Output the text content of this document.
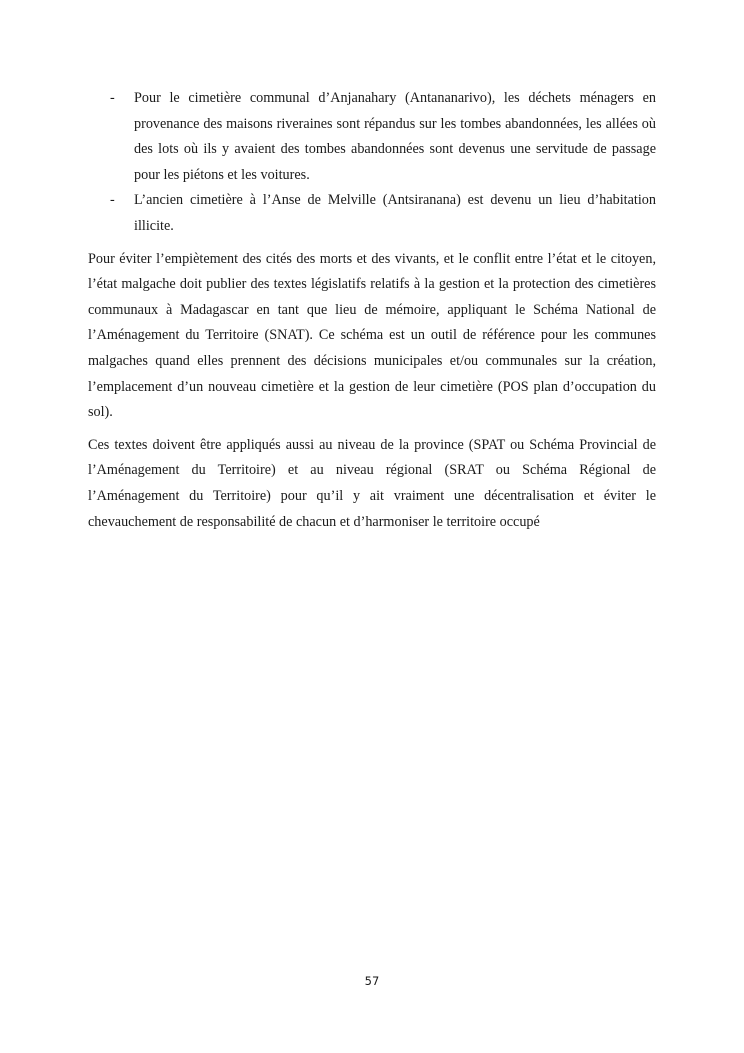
- Pour le cimetière communal d’Anjanahary (Antananarivo), les déchets ménagers en provenance des maisons riveraines sont répandus sur les tombes abandonnées, les allées où des lots où ils y avaient des tombes abandonnées sont devenus une servitude de passage pour les piétons et les voitures.
- L’ancien cimetière à l’Anse de Melville (Antsiranana) est devenu un lieu d’habitation illicite.

Pour éviter l’empiètement des cités des morts et des vivants, et le conflit entre l’état et le citoyen, l’état malgache doit publier des textes législatifs relatifs à la gestion et la protection des cimetières communaux à Madagascar en tant que lieu de mémoire, appliquant le Schéma National de l’Aménagement du Territoire (SNAT). Ce schéma est un outil de référence pour les communes malgaches quand elles prennent des décisions municipales et/ou communales sur la création, l’emplacement d’un nouveau cimetière et la gestion de leur cimetière (POS plan d’occupation du sol).

Ces textes doivent être appliqués aussi au niveau de la province (SPAT ou Schéma Provincial de l’Aménagement du Territoire) et au niveau régional (SRAT ou Schéma Régional de l’Aménagement du Territoire) pour qu’il y ait vraiment une décentralisation et éviter le chevauchement de responsabilité de chacun et d’harmoniser le territoire occupé

57
